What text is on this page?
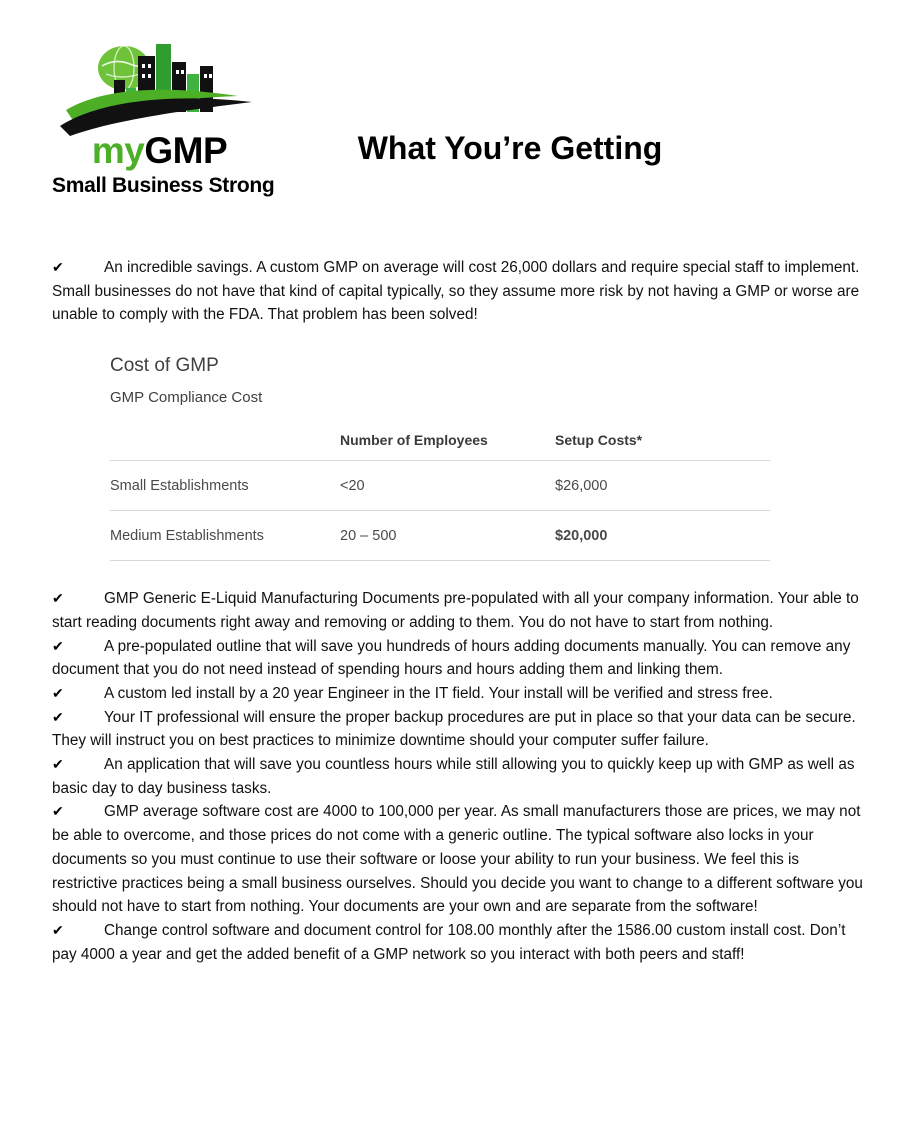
myGMP
Small Business Strong
What You’re Getting
✔	An incredible savings. A custom GMP on average will cost 26,000 dollars and require special staff to implement. Small businesses do not have that kind of capital typically, so they assume more risk by not having a GMP or worse are unable to comply with the FDA. That problem has been solved!
Cost of GMP
GMP Compliance Cost
	Number of Employees	Setup Costs*
Small Establishments	<20	$26,000
Medium Establishments	20 – 500	$20,000
✔	GMP Generic E-Liquid Manufacturing Documents pre-populated with all your company information. Your able to start reading documents right away and removing or adding to them. You do not have to start from nothing.
✔	A pre-populated outline that will save you hundreds of hours adding documents manually. You can remove any document that you do not need instead of spending hours and hours adding them and linking them.
✔	A custom led install by a 20 year Engineer in the IT field. Your install will be verified and stress free.
✔	Your IT professional will ensure the proper backup procedures are put in place so that your data can be secure. They will instruct you on best practices to minimize downtime should your computer suffer failure.
✔	An application that will save you countless hours while still allowing you to quickly keep up with GMP as well as basic day to day business tasks.
✔	GMP average software cost are 4000 to 100,000 per year. As small manufacturers those are prices, we may not be able to overcome, and those prices do not come with a generic outline. The typical software also locks in your documents so you must continue to use their software or loose your ability to run your business. We feel this is restrictive practices being a small business ourselves. Should you decide you want to change to a different software you should not have to start from nothing. Your documents are your own and are separate from the software!
✔	Change control software and document control for 108.00 monthly after the 1586.00 custom install cost. Don’t pay 4000 a year and get the added benefit of a GMP network so you interact with both peers and staff!
